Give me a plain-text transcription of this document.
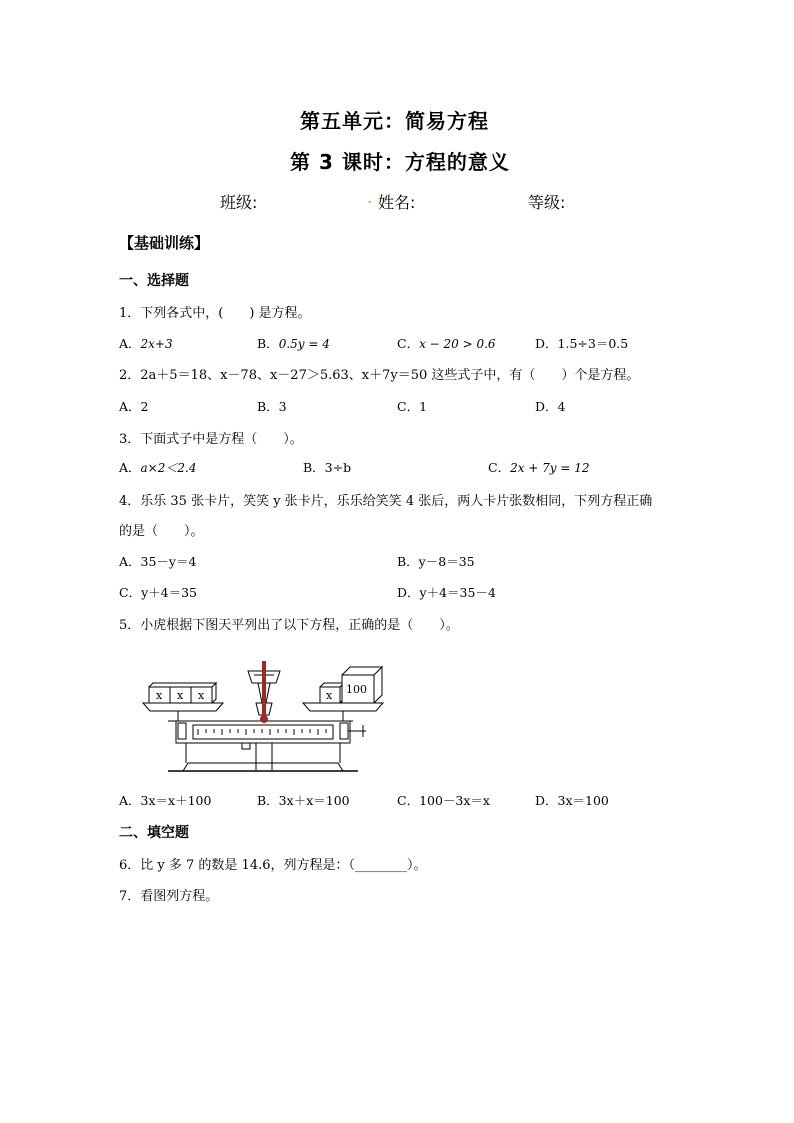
第五单元：简易方程
第 3 课时：方程的意义
班级:	. 姓名:	等级:
【基础训练】
一、选择题
1．下列各式中，(　　) 是方程。
A．2x+3	B．0.5y = 4	C．x − 20 > 0.6	D．1.5÷3＝0.5
2．2a＋5＝18、x－78、x－27＞5.63、x＋7y＝50 这些式子中，有（　　）个是方程。
A．2	B．3	C．1	D．4
3．下面式子中是方程（　　）。
A．a×2＜2.4	B．3÷b	C．2x + 7y = 12
4．乐乐 35 张卡片，笑笑 y 张卡片，乐乐给笑笑 4 张后，两人卡片张数相同，下列方程正确
的是（　　）。
A．35－y＝4	B．y－8＝35
C．y＋4＝35	D．y＋4＝35－4
5．小虎根据下图天平列出了以下方程，正确的是（　　）。
x x x	x 100
A．3x＝x＋100	B．3x＋x＝100	C．100－3x＝x	D．3x＝100
二、填空题
6．比 y 多 7 的数是 14.6，列方程是：（________）。
7．看图列方程。
